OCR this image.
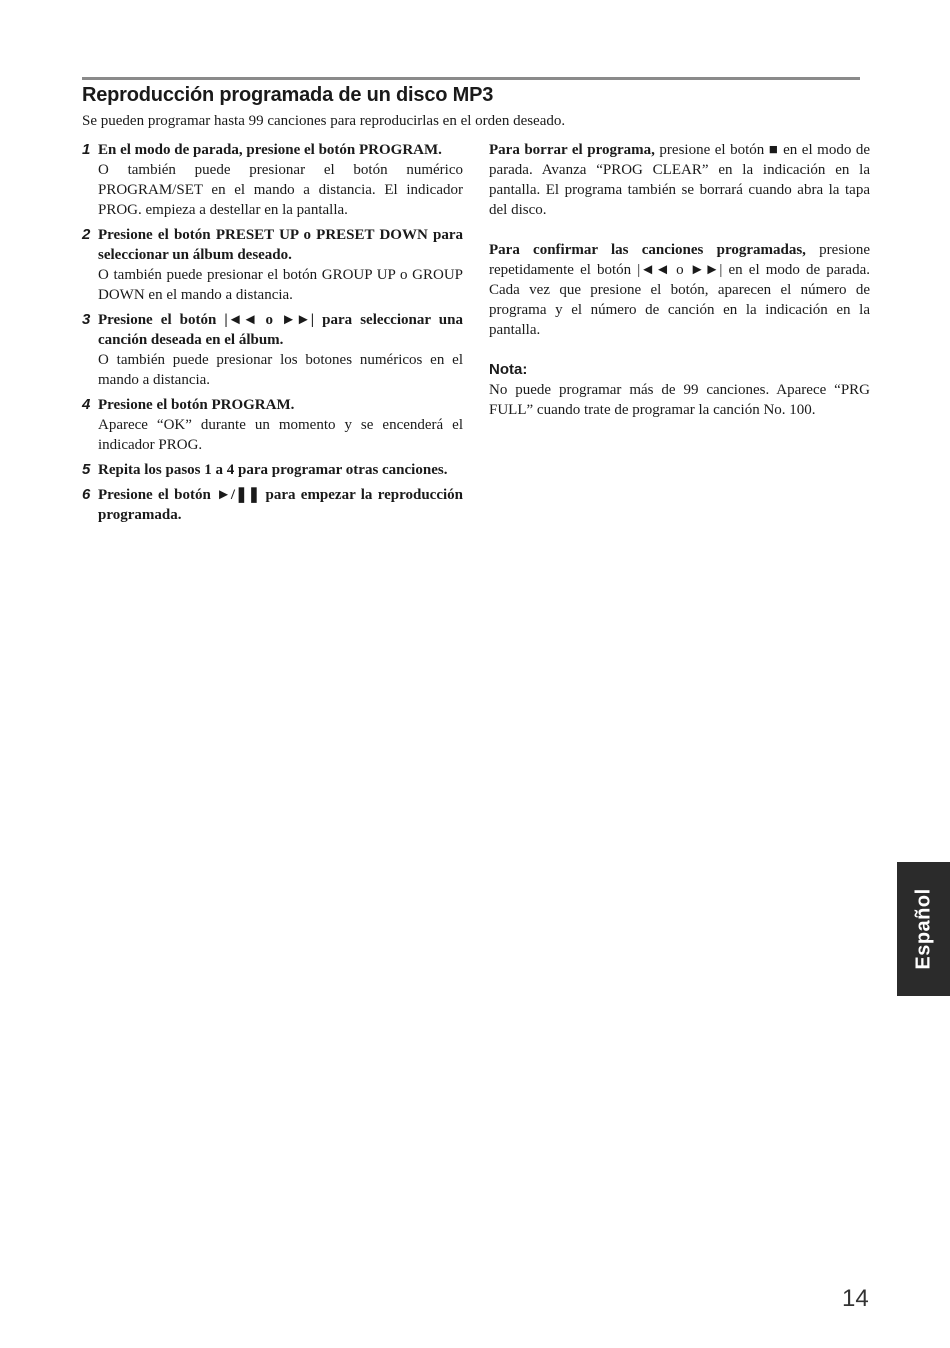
Reproducción programada de un disco MP3

Se pueden programar hasta 99 canciones para reproducirlas en el orden deseado.

1 En el modo de parada, presione el botón PROGRAM.
O también puede presionar el botón numérico PROGRAM/SET en el mando a distancia. El indicador PROG. empieza a destellar en la pantalla.
2 Presione el botón PRESET UP o PRESET DOWN para seleccionar un álbum deseado.
O también puede presionar el botón GROUP UP o GROUP DOWN en el mando a distancia.
3 Presione el botón |◄◄ o ►►| para seleccionar una canción deseada en el álbum.
O también puede presionar los botones numéricos en el mando a distancia.
4 Presione el botón PROGRAM.
Aparece “OK” durante un momento y se encenderá el indicador PROG.
5 Repita los pasos 1 a 4 para programar otras canciones.
6 Presione el botón ►/❚❚ para empezar la reproducción programada.

Para borrar el programa, presione el botón ■ en el modo de parada. Avanza “PROG CLEAR” en la indicación en la pantalla. El programa también se borrará cuando abra la tapa del disco.

Para confirmar las canciones programadas, presione repetidamente el botón |◄◄ o ►►| en el modo de parada. Cada vez que presione el botón, aparecen el número de programa y el número de canción en la indicación en la pantalla.

Nota:

No puede programar más de 99 canciones. Aparece “PRG FULL” cuando trate de programar la canción No. 100.

Español
14
